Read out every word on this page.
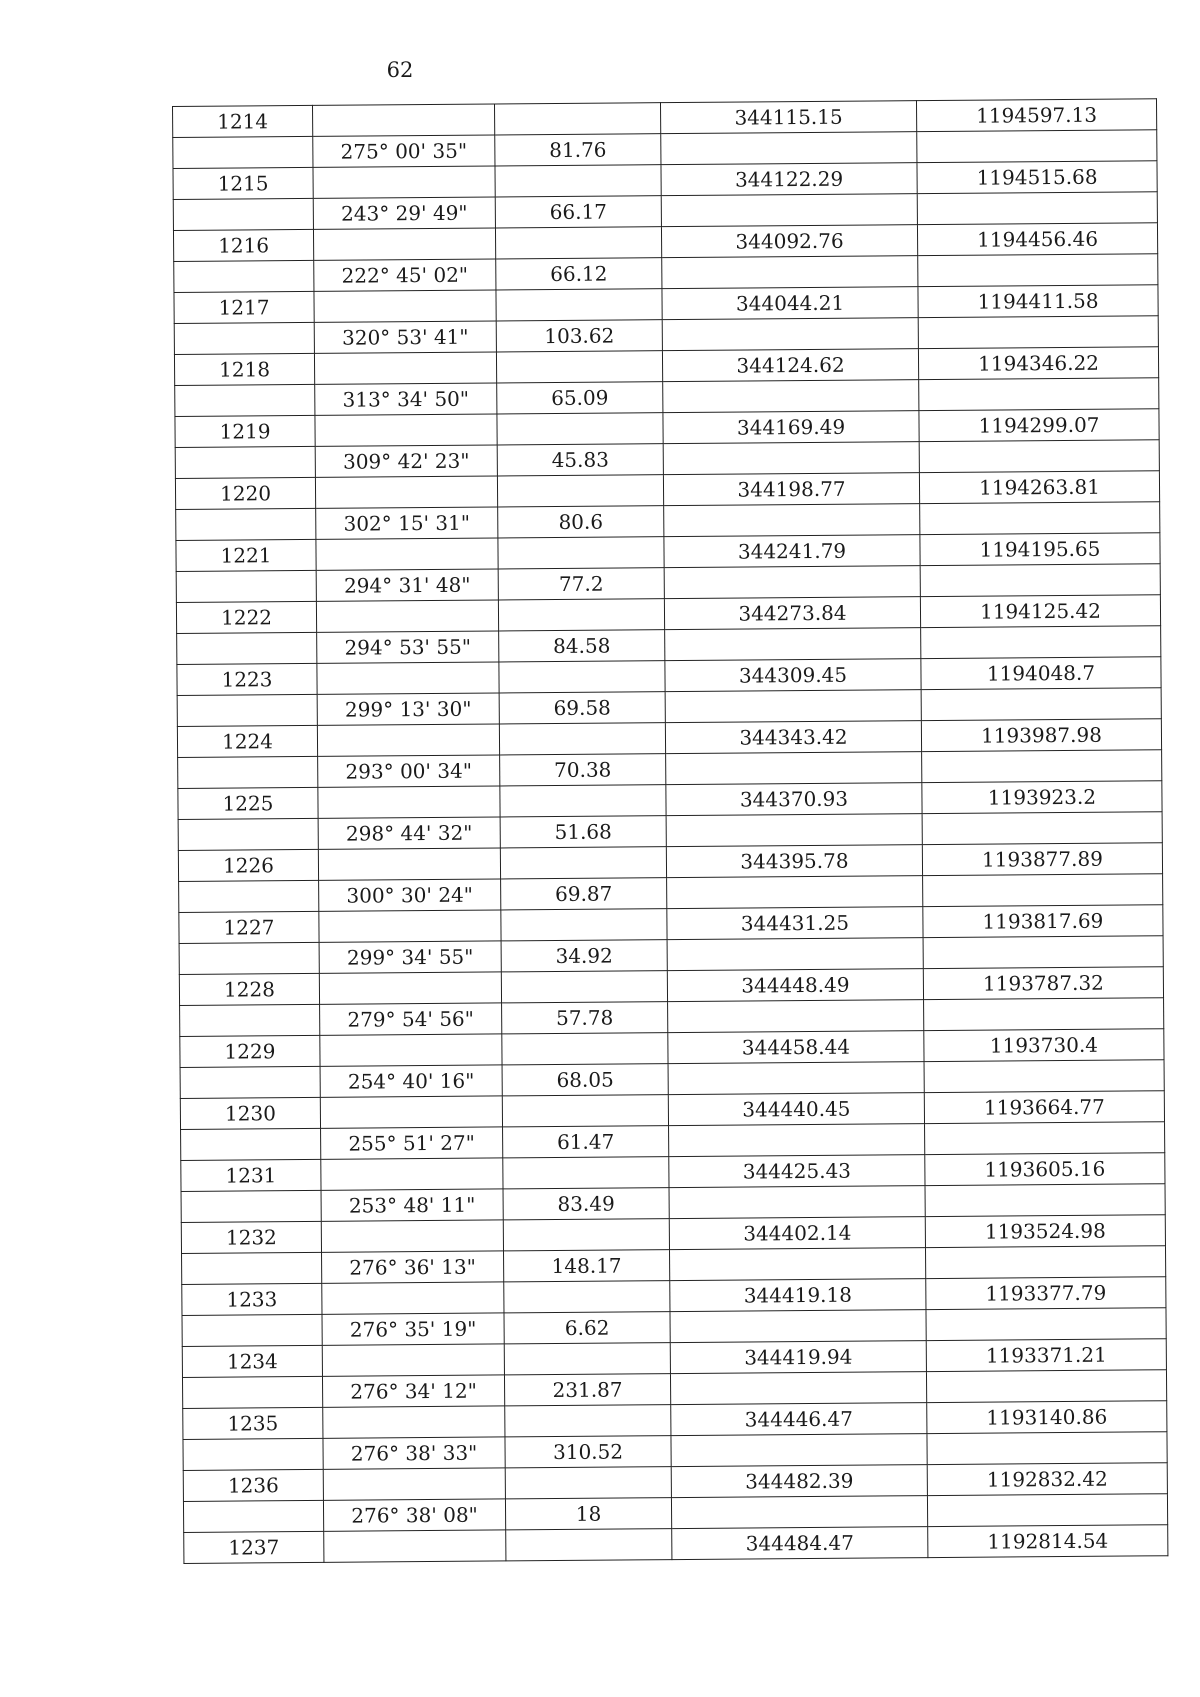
62
1214			344115.15	1194597.13
	275° 00' 35"	81.76		
1215			344122.29	1194515.68
	243° 29' 49"	66.17		
1216			344092.76	1194456.46
	222° 45' 02"	66.12		
1217			344044.21	1194411.58
	320° 53' 41"	103.62		
1218			344124.62	1194346.22
	313° 34' 50"	65.09		
1219			344169.49	1194299.07
	309° 42' 23"	45.83		
1220			344198.77	1194263.81
	302° 15' 31"	80.6		
1221			344241.79	1194195.65
	294° 31' 48"	77.2		
1222			344273.84	1194125.42
	294° 53' 55"	84.58		
1223			344309.45	1194048.7
	299° 13' 30"	69.58		
1224			344343.42	1193987.98
	293° 00' 34"	70.38		
1225			344370.93	1193923.2
	298° 44' 32"	51.68		
1226			344395.78	1193877.89
	300° 30' 24"	69.87		
1227			344431.25	1193817.69
	299° 34' 55"	34.92		
1228			344448.49	1193787.32
	279° 54' 56"	57.78		
1229			344458.44	1193730.4
	254° 40' 16"	68.05		
1230			344440.45	1193664.77
	255° 51' 27"	61.47		
1231			344425.43	1193605.16
	253° 48' 11"	83.49		
1232			344402.14	1193524.98
	276° 36' 13"	148.17		
1233			344419.18	1193377.79
	276° 35' 19"	6.62		
1234			344419.94	1193371.21
	276° 34' 12"	231.87		
1235			344446.47	1193140.86
	276° 38' 33"	310.52		
1236			344482.39	1192832.42
	276° 38' 08"	18		
1237			344484.47	1192814.54
